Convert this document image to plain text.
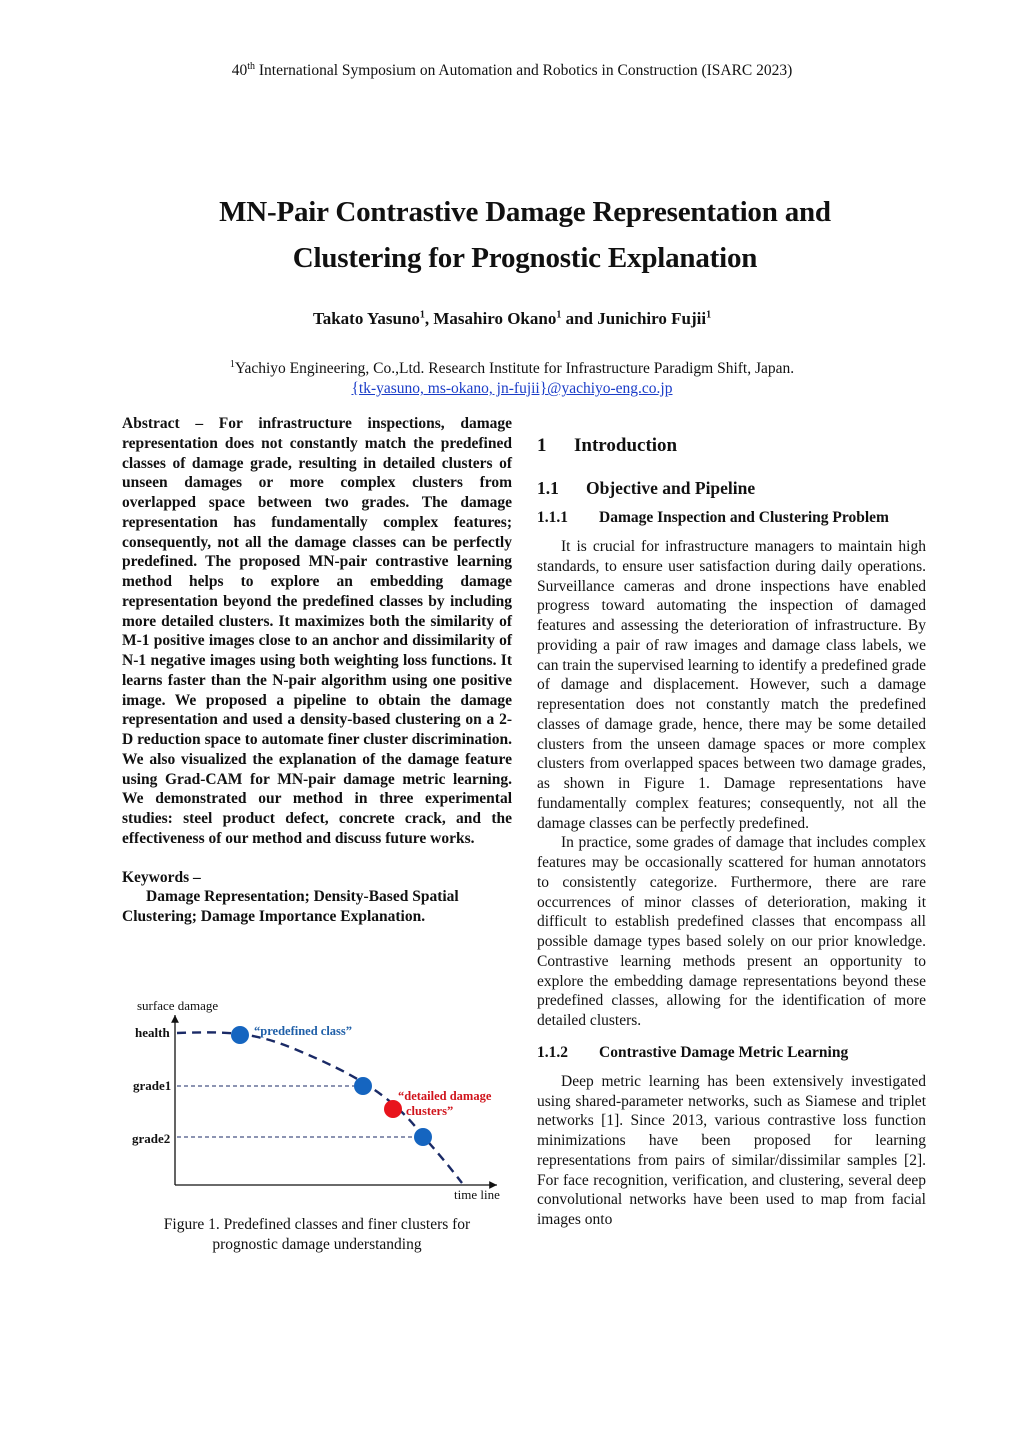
40th International Symposium on Automation and Robotics in Construction (ISARC 2023)
MN-Pair Contrastive Damage Representation and
Clustering for Prognostic Explanation
Takato Yasuno$^1$, Masahiro Okano$^1$ and Junichiro Fujii$^1$
$^1$Yachiyo Engineering, Co.,Ltd. Research Institute for Infrastructure Paradigm Shift, Japan.
{tk-yasuno, ms-okano, jn-fujii}@yachiyo-eng.co.jp

Abstract – For infrastructure inspections, damage representation does not constantly match the predefined classes of damage grade, resulting in detailed clusters of unseen damages or more complex clusters from overlapped space between two grades. The damage representation has fundamentally complex features; consequently, not all the damage classes can be perfectly predefined. The proposed MN-pair contrastive learning method helps to explore an embedding damage representation beyond the predefined classes by including more detailed clusters. It maximizes both the similarity of M-1 positive images close to an anchor and dissimilarity of N-1 negative images using both weighting loss functions. It learns faster than the N-pair algorithm using one positive image. We proposed a pipeline to obtain the damage representation and used a density-based clustering on a 2-D reduction space to automate finer cluster discrimination. We also visualized the explanation of the damage feature using Grad-CAM for MN-pair damage metric learning. We demonstrated our method in three experimental studies: steel product defect, concrete crack, and the effectiveness of our method and discuss future works.

Keywords –

Damage Representation; Density-Based Spatial Clustering; Damage Importance Explanation.

surface damage
time line
health
grade1
grade2
“predefined class”
“detailed damage
clusters”
Figure 1. Predefined classes and finer clusters for
prognostic damage understanding
1 Introduction
1.1 Objective and Pipeline
1.1.1 Damage Inspection and Clustering Problem

It is crucial for infrastructure managers to maintain high standards, to ensure user satisfaction during daily operations. Surveillance cameras and drone inspections have enabled progress toward automating the inspection of damaged features and assessing the deterioration of infrastructure. By providing a pair of raw images and damage class labels, we can train the supervised learning to identify a predefined grade of damage and displacement. However, such a damage representation does not constantly match the predefined classes of damage grade, hence, there may be some detailed clusters from the unseen damage spaces or more complex clusters from overlapped spaces between two damage grades, as shown in Figure 1. Damage representations have fundamentally complex features; consequently, not all the damage classes can be perfectly predefined.

In practice, some grades of damage that includes complex features may be occasionally scattered for human annotators to consistently categorize. Furthermore, there are rare occurrences of minor classes of deterioration, making it difficult to establish predefined classes that encompass all possible damage types based solely on our prior knowledge. Contrastive learning methods present an opportunity to explore the embedding damage representations beyond these predefined classes, allowing for the identification of more detailed clusters.

1.1.2 Contrastive Damage Metric Learning

Deep metric learning has been extensively investigated using shared-parameter networks, such as Siamese and triplet networks [1]. Since 2013, various contrastive loss function minimizations have been proposed for learning representations from pairs of similar/dissimilar samples [2]. For face recognition, verification, and clustering, several deep convolutional networks have been used to map from facial images onto
